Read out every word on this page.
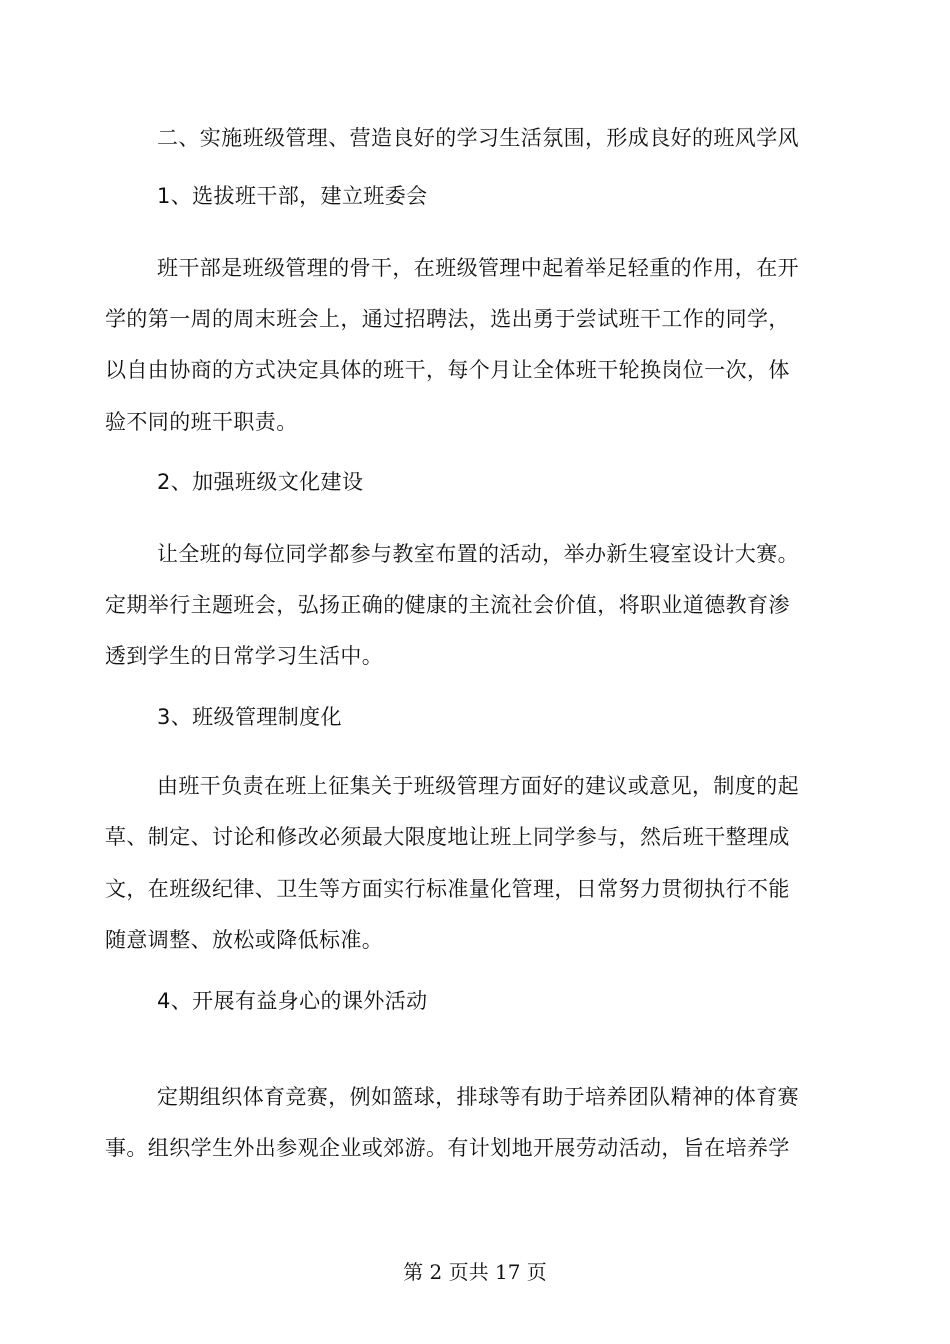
二、实施班级管理、营造良好的学习生活氛围，形成良好的班风学风
1、选拔班干部，建立班委会
班干部是班级管理的骨干，在班级管理中起着举足轻重的作用，在开
学的第一周的周末班会上，通过招聘法，选出勇于尝试班干工作的同学，
以自由协商的方式决定具体的班干，每个月让全体班干轮换岗位一次，体
验不同的班干职责。
2、加强班级文化建设
让全班的每位同学都参与教室布置的活动，举办新生寝室设计大赛。
定期举行主题班会，弘扬正确的健康的主流社会价值，将职业道德教育渗
透到学生的日常学习生活中。
3、班级管理制度化
由班干负责在班上征集关于班级管理方面好的建议或意见，制度的起
草、制定、讨论和修改必须最大限度地让班上同学参与，然后班干整理成
文，在班级纪律、卫生等方面实行标准量化管理，日常努力贯彻执行不能
随意调整、放松或降低标准。
4、开展有益身心的课外活动
定期组织体育竞赛，例如篮球，排球等有助于培养团队精神的体育赛
事。组织学生外出参观企业或郊游。有计划地开展劳动活动，旨在培养学
第 2 页共 17 页
